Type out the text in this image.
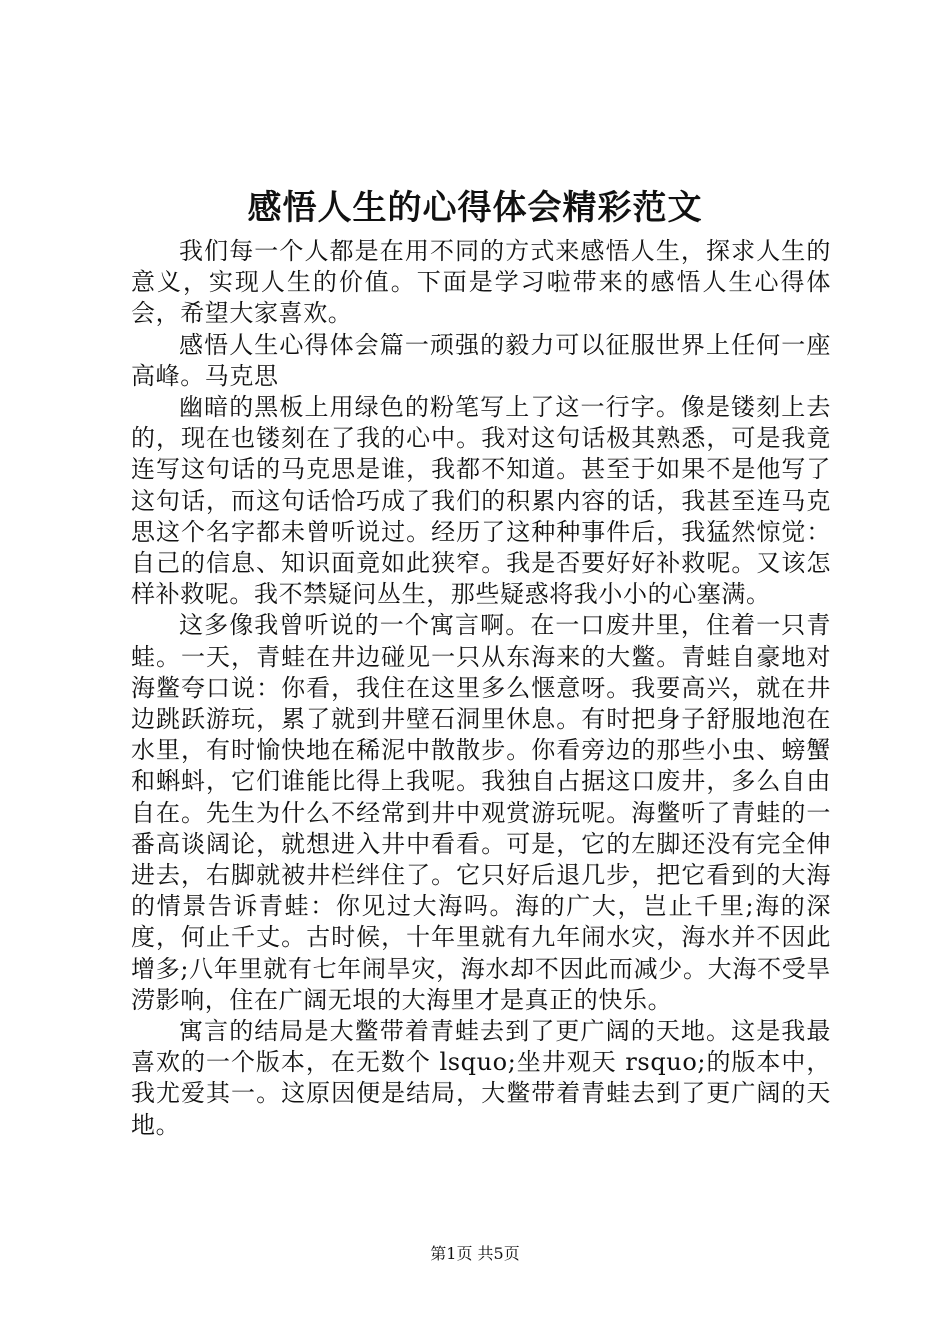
感悟人生的心得体会精彩范文

我们每一个人都是在用不同的方式来感悟人生，探求人生的意义，实现人生的价值。下面是学习啦带来的感悟人生心得体会，希望大家喜欢。

感悟人生心得体会篇一顽强的毅力可以征服世界上任何一座高峰。马克思

幽暗的黑板上用绿色的粉笔写上了这一行字。像是镂刻上去的，现在也镂刻在了我的心中。我对这句话极其熟悉，可是我竟连写这句话的马克思是谁，我都不知道。甚至于如果不是他写了这句话，而这句话恰巧成了我们的积累内容的话，我甚至连马克思这个名字都未曾听说过。经历了这种种事件后，我猛然惊觉：自己的信息、知识面竟如此狭窄。我是否要好好补救呢。又该怎样补救呢。我不禁疑问丛生，那些疑惑将我小小的心塞满。

这多像我曾听说的一个寓言啊。在一口废井里，住着一只青蛙。一天，青蛙在井边碰见一只从东海来的大鳖。青蛙自豪地对海鳖夸口说：你看，我住在这里多么惬意呀。我要高兴，就在井边跳跃游玩，累了就到井壁石洞里休息。有时把身子舒服地泡在水里，有时愉快地在稀泥中散散步。你看旁边的那些小虫、螃蟹和蝌蚪，它们谁能比得上我呢。我独自占据这口废井，多么自由自在。先生为什么不经常到井中观赏游玩呢。海鳖听了青蛙的一番高谈阔论，就想进入井中看看。可是，它的左脚还没有完全伸进去，右脚就被井栏绊住了。它只好后退几步，把它看到的大海的情景告诉青蛙：你见过大海吗。海的广大，岂止千里;海的深度，何止千丈。古时候，十年里就有九年闹水灾，海水并不因此增多;八年里就有七年闹旱灾，海水却不因此而减少。大海不受旱涝影响，住在广阔无垠的大海里才是真正的快乐。

寓言的结局是大鳖带着青蛙去到了更广阔的天地。这是我最喜欢的一个版本，在无数个 lsquo;坐井观天 rsquo;的版本中，我尤爱其一。这原因便是结局，大鳖带着青蛙去到了更广阔的天地。

第1页 共5页
